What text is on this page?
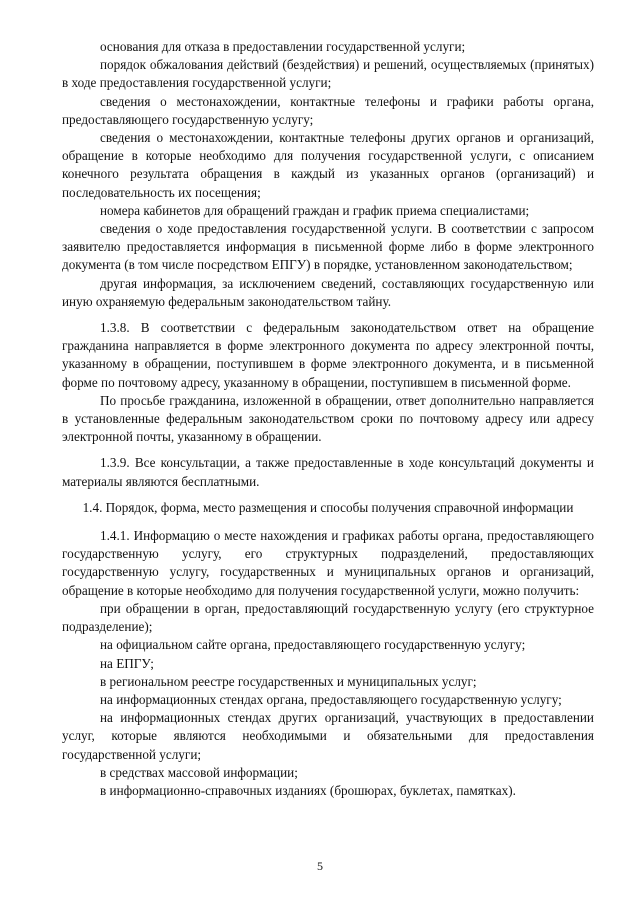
основания для отказа в предоставлении государственной услуги;

порядок обжалования действий (бездействия) и решений, осуществляемых (принятых) в ходе предоставления государственной услуги;

сведения о местонахождении, контактные телефоны и графики работы органа, предоставляющего государственную услугу;

сведения о местонахождении, контактные телефоны других органов и организаций, обращение в которые необходимо для получения государственной услуги, с описанием конечного результата обращения в каждый из указанных органов (организаций) и последовательность их посещения;

номера кабинетов для обращений граждан и график приема специалистами;

сведения о ходе предоставления государственной услуги. В соответствии с запросом заявителю предоставляется информация в письменной форме либо в форме электронного документа (в том числе посредством ЕПГУ) в порядке, установленном законодательством;

другая информация, за исключением сведений, составляющих государственную или иную охраняемую федеральным законодательством тайну.

1.3.8. В соответствии с федеральным законодательством ответ на обращение гражданина направляется в форме электронного документа по адресу электронной почты, указанному в обращении, поступившем в форме электронного документа, и в письменной форме по почтовому адресу, указанному в обращении, поступившем в письменной форме.

По просьбе гражданина, изложенной в обращении, ответ дополнительно направляется в установленные федеральным законодательством сроки по почтовому адресу или адресу электронной почты, указанному в обращении.

1.3.9. Все консультации, а также предоставленные в ходе консультаций документы и материалы являются бесплатными.

1.4. Порядок, форма, место размещения и способы получения справочной информации

1.4.1. Информацию о месте нахождения и графиках работы органа, предоставляющего государственную услугу, его структурных подразделений, предоставляющих государственную услугу, государственных и муниципальных органов и организаций, обращение в которые необходимо для получения государственной услуги, можно получить:

при обращении в орган, предоставляющий государственную услугу (его структурное подразделение);

на официальном сайте органа, предоставляющего государственную услугу;

на ЕПГУ;

в региональном реестре государственных и муниципальных услуг;

на информационных стендах органа, предоставляющего государственную услугу;

на информационных стендах других организаций, участвующих в предоставлении услуг, которые являются необходимыми и обязательными для предоставления государственной услуги;

в средствах массовой информации;

в информационно-справочных изданиях (брошюрах, буклетах, памятках).

5
